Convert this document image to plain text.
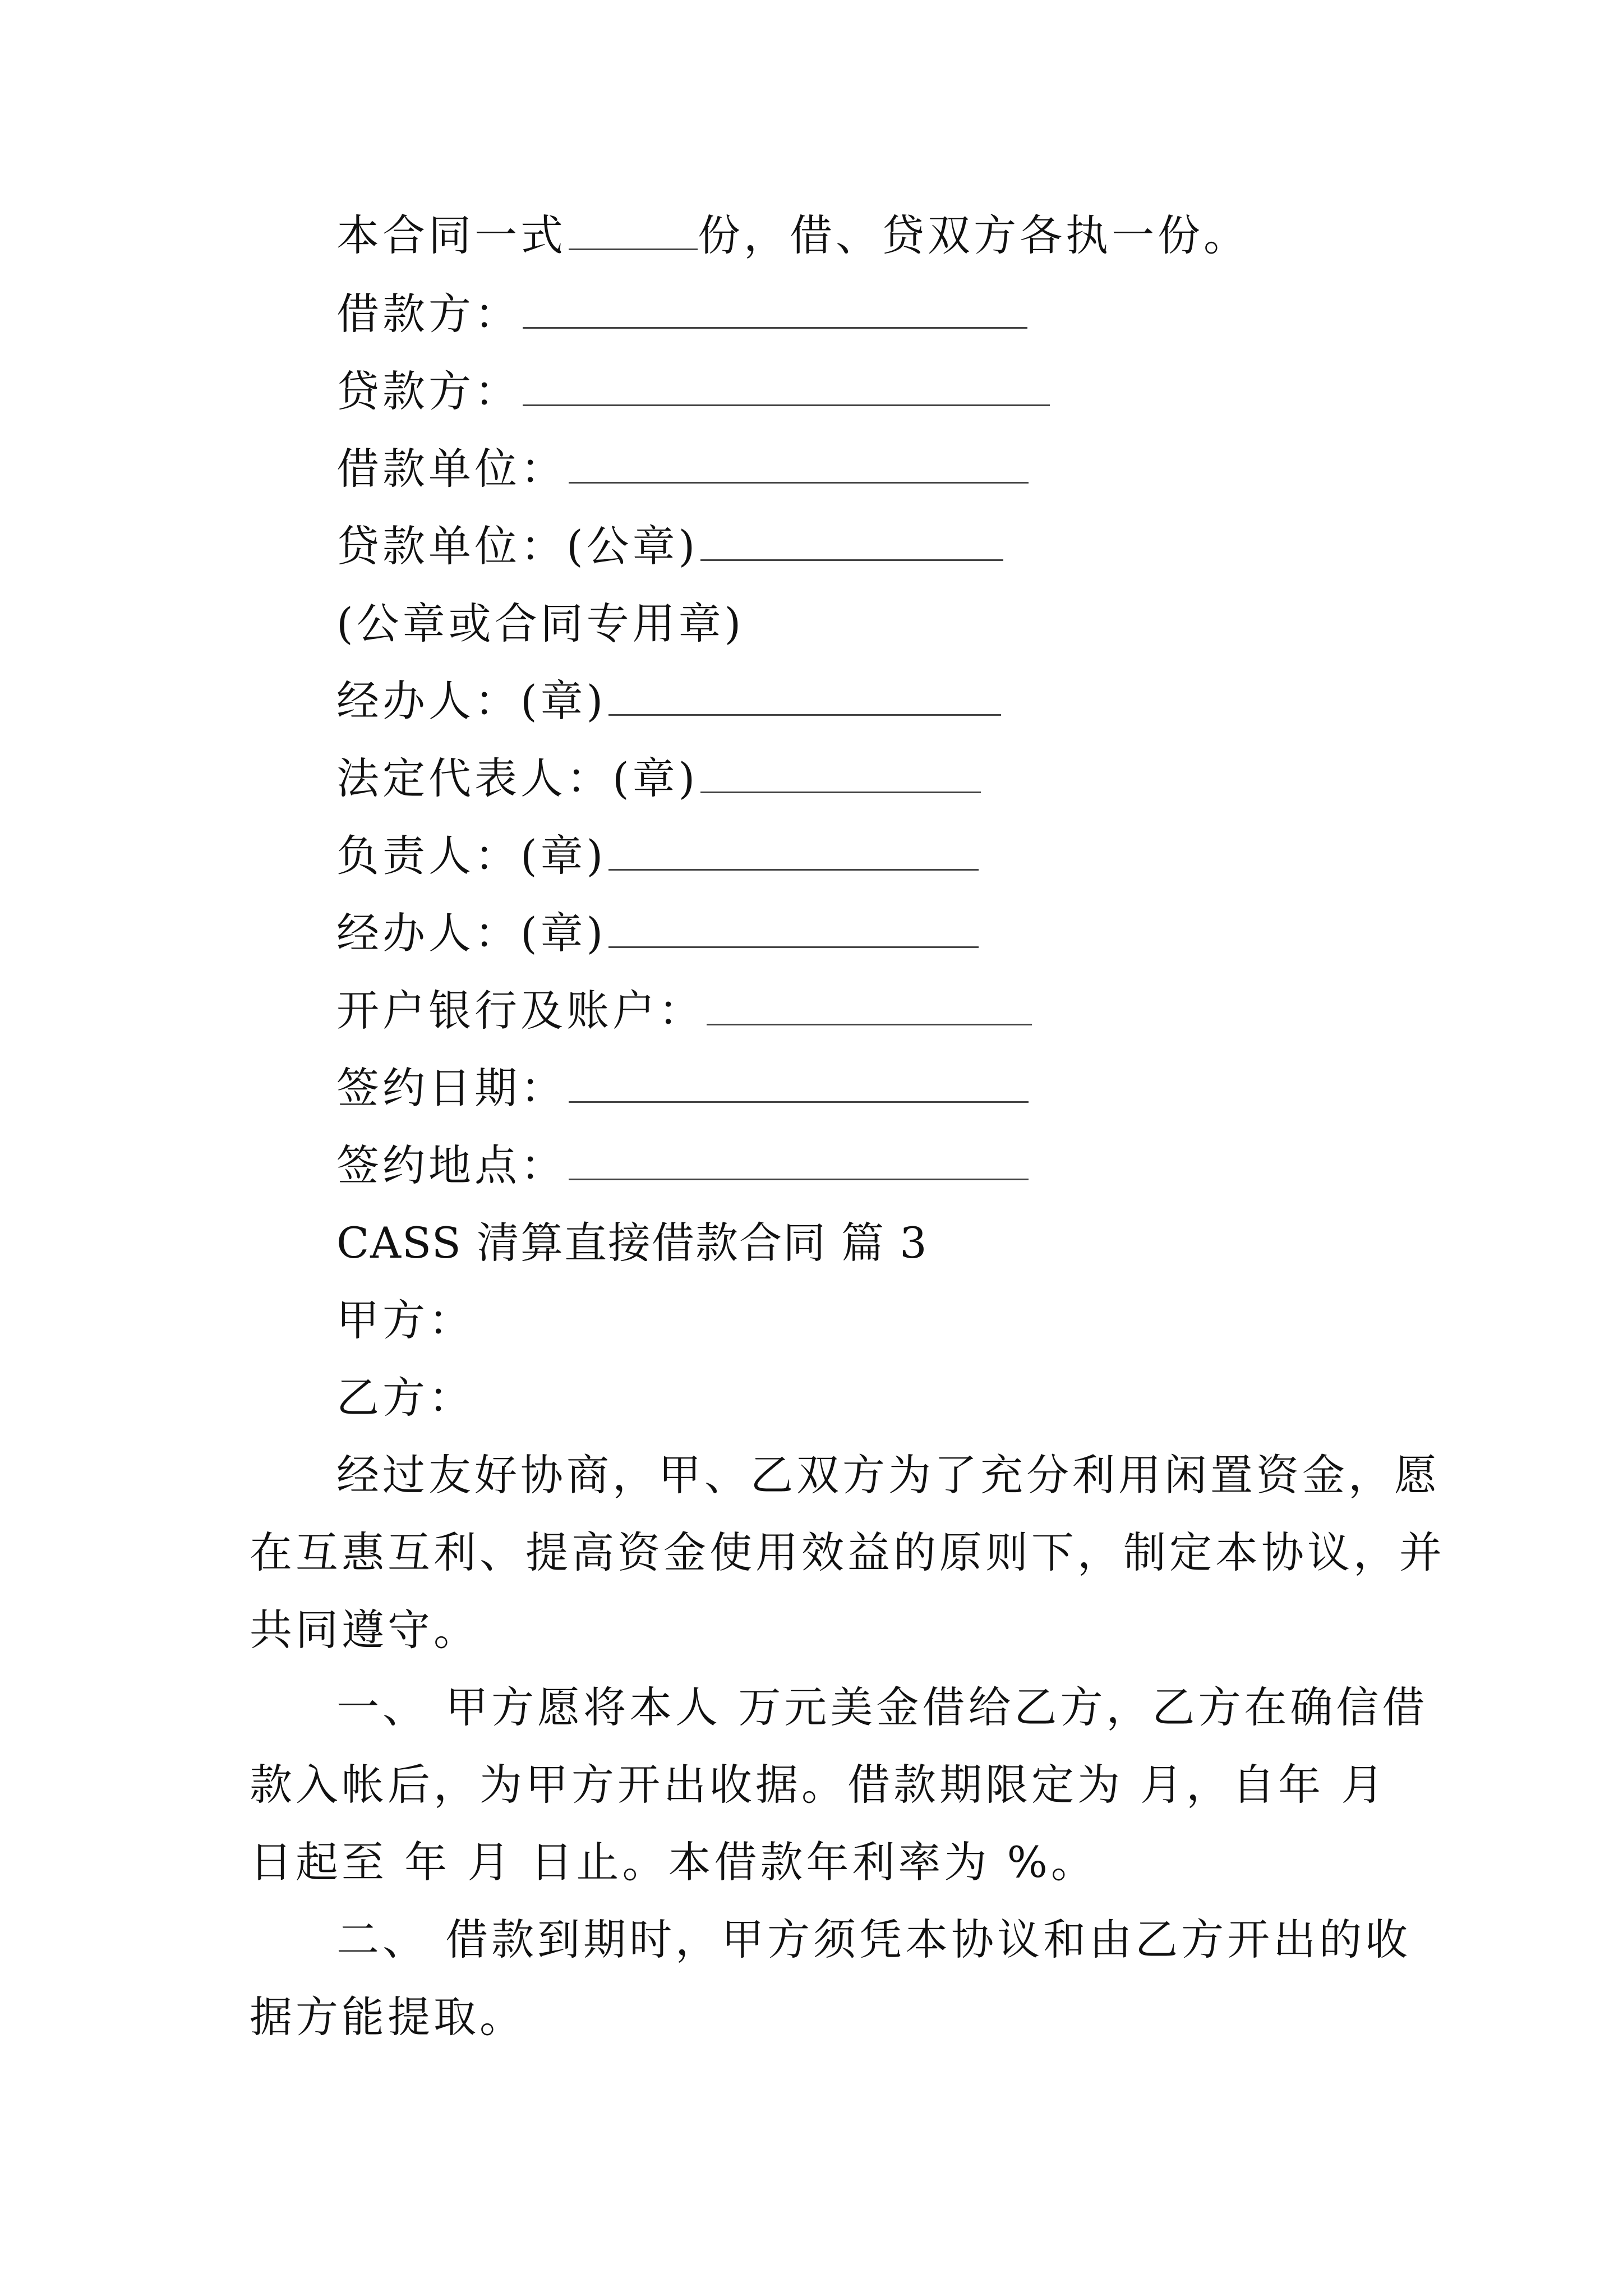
本合同一式	份，借、贷双方各执一份。
借款方：
贷款方：
借款单位：
贷款单位：(公章)
(公章或合同专用章)
经办人：(章)
法定代表人：(章)
负责人：(章)
经办人：(章)
开户银行及账户：
签约日期：
签约地点：
CASS 清算直接借款合同 篇 3
甲方：
乙方：
经过友好协商，甲、乙双方为了充分利用闲置资金，愿
在互惠互利、提高资金使用效益的原则下，制定本协议，并
共同遵守。
一、 甲方愿将本人 万元美金借给乙方，乙方在确信借
款入帐后，为甲方开出收据。借款期限定为 月，自年 月
日起至 年 月 日止。本借款年利率为 %。
二、 借款到期时，甲方须凭本协议和由乙方开出的收
据方能提取。
